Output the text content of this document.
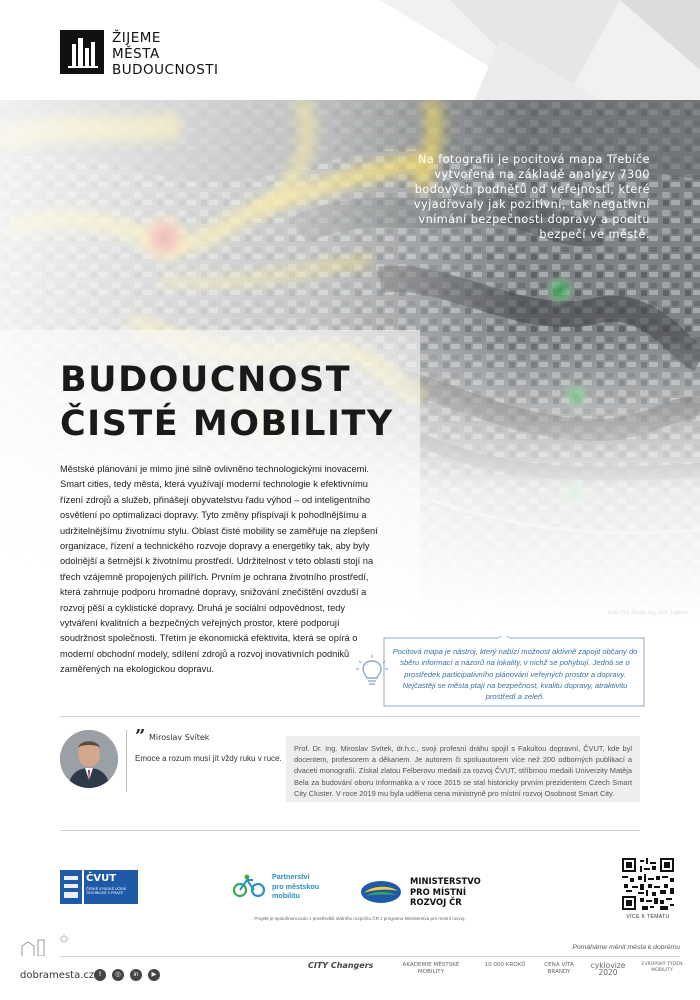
ŽIJEME
MĚSTA
BUDOUCNOSTI
Na fotografii je pocitová mapa Třebíče vytvořená na základě analýzy 7300 bodových podnětů od veřejnosti, které vyjadřovaly jak pozitivní, tak negativní vnímání bezpečnosti dopravy a pocitu bezpečí ve městě.
BUDOUCNOST
ČISTÉ MOBILITY

Městské plánování je mimo jiné silně ovlivněno technologickými inovacemi. Smart cities, tedy města, která využívají moderní technologie k efektivnímu řízení zdrojů a služeb, přinášejí obyvatelstvu řadu výhod – od inteligentního osvětlení po optimalizaci dopravy. Tyto změny přispívají k pohodlnějšímu a udržitelnějšímu životnímu stylu. Oblast čisté mobility se zaměřuje na zlepšení organizace, řízení a technického rozvoje dopravy a energetiky tak, aby byly odolnější a šetrnější k životnímu prostředí. Udržitelnost v této oblasti stojí na třech vzájemně propojených pilířích. Prvním je ochrana životního prostředí, která zahrnuje podporu hromadné dopravy, snižování znečištění ovzduší a rozvoj pěší a cyklistické dopravy. Druhá je sociální odpovědnost, tedy vytváření kvalitních a bezpečných veřejných prostor, které podporují soudržnost společnosti. Třetím je ekonomická efektivita, která se opírá o moderní obchodní modely, sdílení zdrojů a rozvoj inovativních podniků zaměřených na ekologickou dopravu.

Foto: Petr Šoufal, Ing. arch. Tajdemr
Pocitová mapa je nástroj, který nabízí možnost aktivně zapojit občany do sběru informací a názorů na lokality, v nichž se pohybují. Jedná se o prostředek participativního plánování veřejných prostor a dopravy. Nejčastěji se města ptají na bezpečnost, kvalitu dopravy, atraktivitu prostředí a zeleň.
” Miroslav Svítek
Emoce a rozum musí jít vždy ruku v ruce.
Prof. Dr. Ing. Miroslav Svítek, dr.h.c., svoji profesní dráhu spojil s Fakultou dopravní, ČVUT, kde byl docentem, profesorem a děkanem. Je autorem či spoluautorem více než 200 odborných publikací a dvaceti monografií. Získal zlatou Felberovu medaili za rozvoj ČVUT, stříbrnou medaili Univerzity Matěja Bela za budování oboru Informatika a v roce 2015 se stal historicky prvním prezidentem Czech Smart City Cluster. V roce 2019 mu byla udělena cena ministryně pro místní rozvoj Osobnost Smart City.
ČVUT
ČESKÉ VYSOKÉ UČENÍ TECHNICKÉ V PRAZE
Partnerství
pro městskou
mobilitu
MINISTERSTVO
PRO MÍSTNÍ
ROZVOJ ČR
Projekt je spolufinancován z prostředků státního rozpočtu ČR z programu Ministerstva pro místní rozvoj.	VÍCE K TÉMATU
Pomáháme měnit města k dobrému
dobramesta.cz f	◎	in	▶
CITY Changers	AKADEMIE MĚSTSKÉ MOBILITY
10 000 KROKŮ	CENA VÍTA BRANDY
cyklovize 2020
EVROPSKÝ TÝDEN MOBILITY
